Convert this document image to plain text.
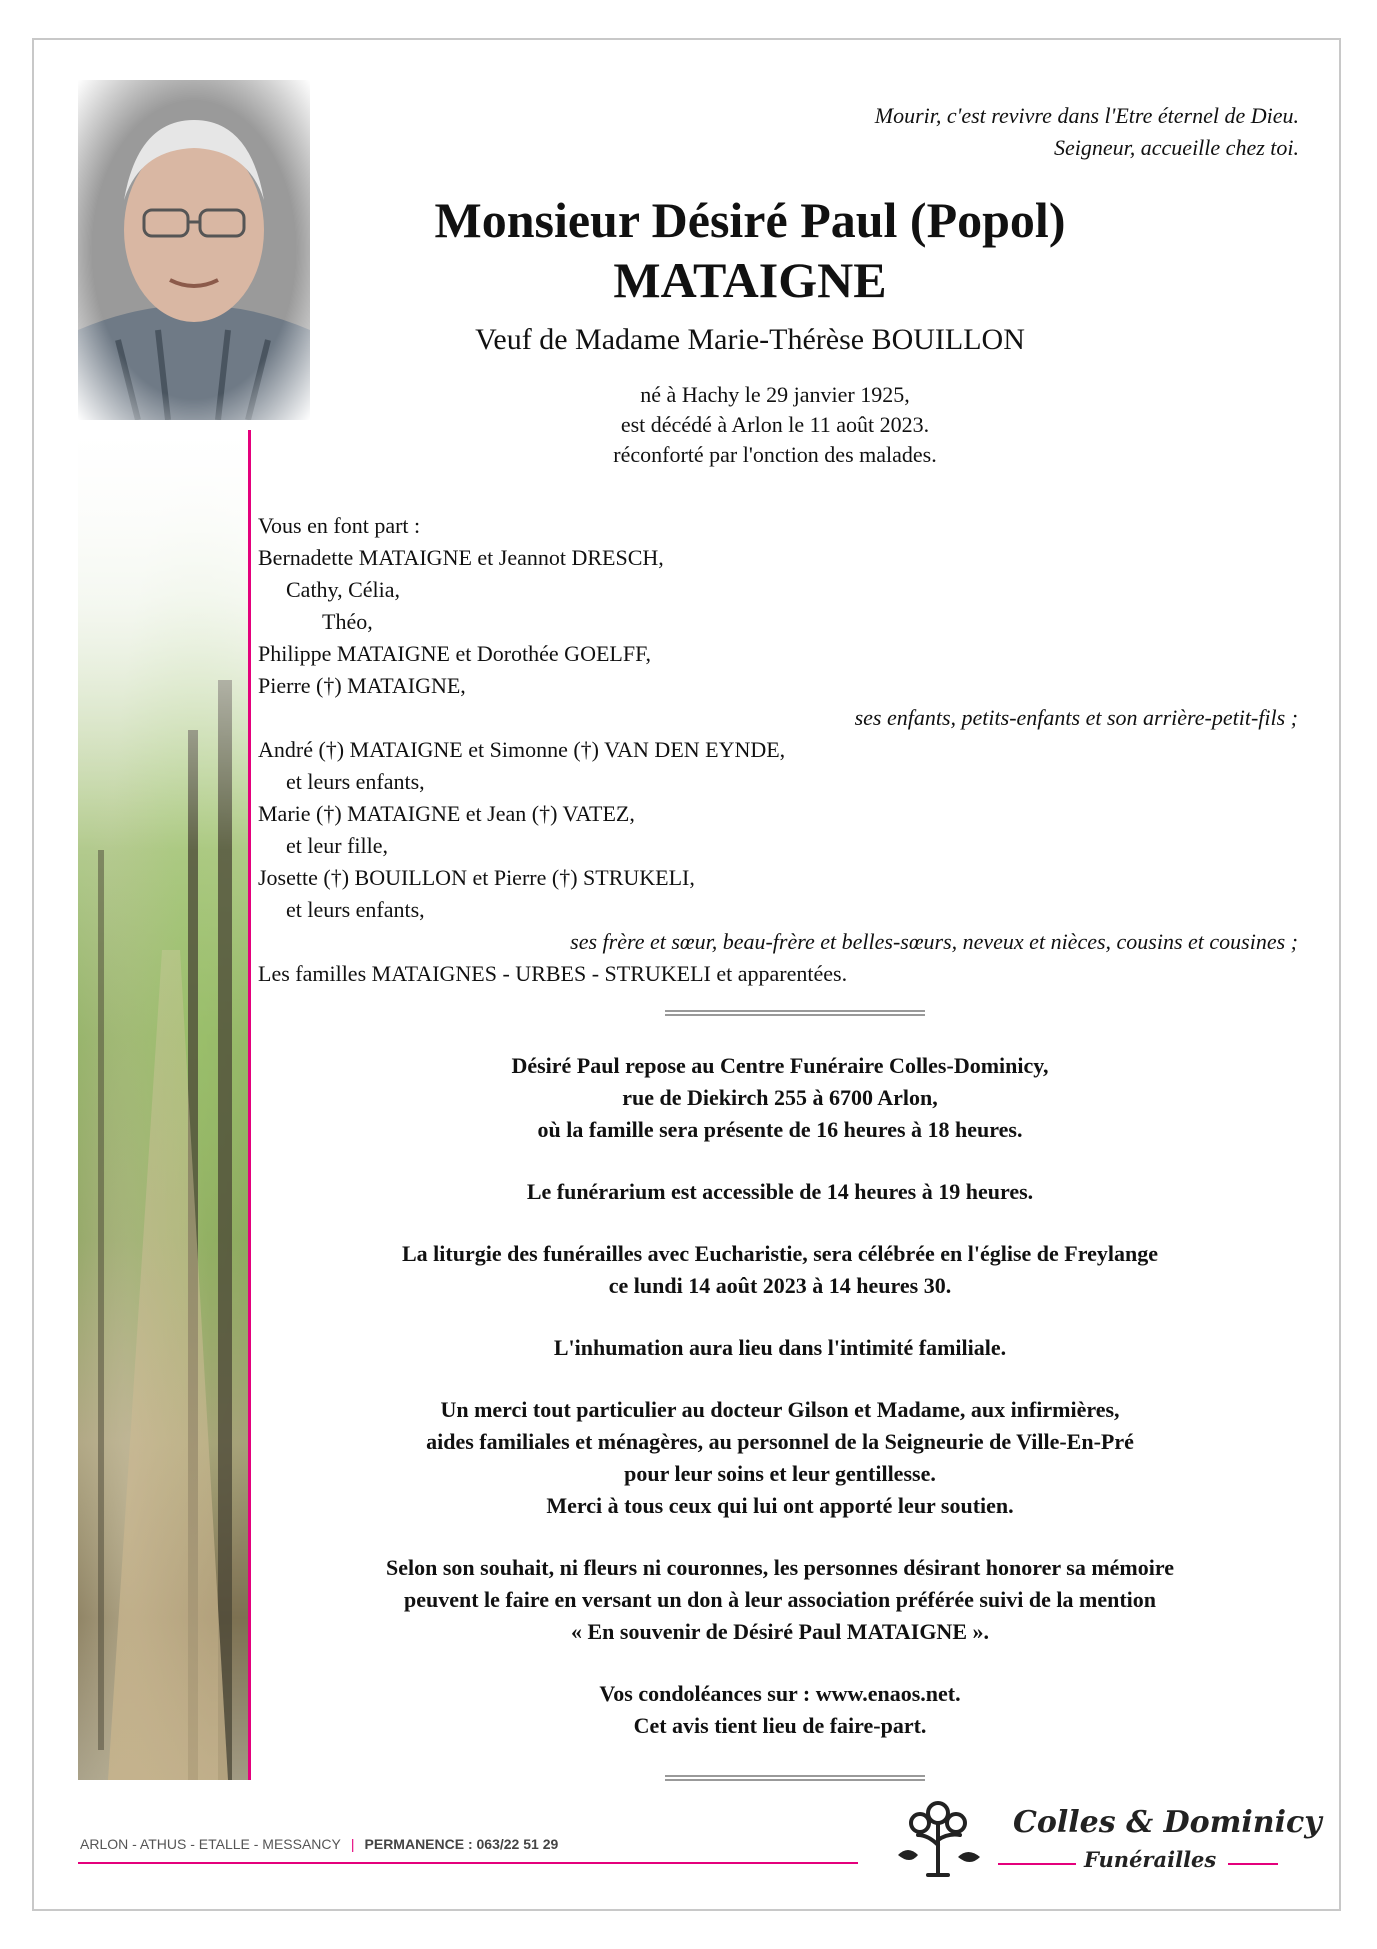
Mourir, c'est revivre dans l'Etre éternel de Dieu.
Seigneur, accueille chez toi.
Monsieur Désiré Paul (Popol)
MATAIGNE
Veuf de Madame Marie-Thérèse BOUILLON
né à Hachy le 29 janvier 1925,
est décédé à Arlon le 11 août 2023.
réconforté par l'onction des malades.
Vous en font part :
Bernadette MATAIGNE et Jeannot DRESCH,
Cathy, Célia,
Théo,
Philippe MATAIGNE et Dorothée GOELFF,
Pierre (†) MATAIGNE,
ses enfants, petits-enfants et son arrière-petit-fils ;
André (†) MATAIGNE et Simonne (†) VAN DEN EYNDE,
et leurs enfants,
Marie (†) MATAIGNE et Jean (†) VATEZ,
et leur fille,
Josette (†) BOUILLON et Pierre (†) STRUKELI,
et leurs enfants,
ses frère et sœur, beau-frère et belles-sœurs, neveux et nièces, cousins et cousines ;
Les familles MATAIGNES - URBES - STRUKELI et apparentées.

Désiré Paul repose au Centre Funéraire Colles-Dominicy,
rue de Diekirch 255 à 6700 Arlon,
où la famille sera présente de 16 heures à 18 heures.

Le funérarium est accessible de 14 heures à 19 heures.

La liturgie des funérailles avec Eucharistie, sera célébrée en l'église de Freylange
ce lundi 14 août 2023 à 14 heures 30.

L'inhumation aura lieu dans l'intimité familiale.

Un merci tout particulier au docteur Gilson et Madame, aux infirmières,
aides familiales et ménagères, au personnel de la Seigneurie de Ville-En-Pré
pour leur soins et leur gentillesse.
Merci à tous ceux qui lui ont apporté leur soutien.

Selon son souhait, ni fleurs ni couronnes, les personnes désirant honorer sa mémoire
peuvent le faire en versant un don à leur association préférée suivi de la mention
« En souvenir de Désiré Paul MATAIGNE ».

Vos condoléances sur : www.enaos.net.
Cet avis tient lieu de faire-part.

ARLON - ATHUS - ETALLE - MESSANCY | PERMANENCE : 063/22 51 29
Colles & Dominicy
Funérailles
